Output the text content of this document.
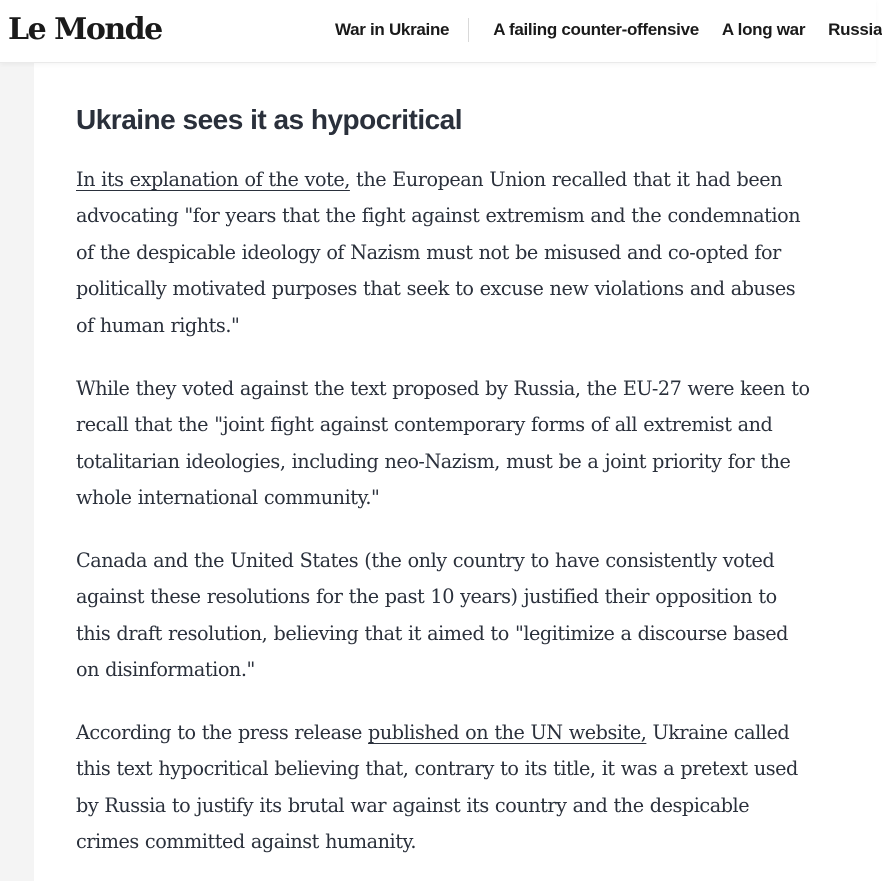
Le Monde	War in Ukraine	A failing counter-offensive A long war Russia
Ukraine sees it as hypocritical

In its explanation of the vote, the European Union recalled that it had been advocating "for years that the fight against extremism and the condemnation of the despicable ideology of Nazism must not be misused and co-opted for politically motivated purposes that seek to excuse new violations and abuses of human rights."

While they voted against the text proposed by Russia, the EU-27 were keen to recall that the "joint fight against contemporary forms of all extremist and totalitarian ideologies, including neo-Nazism, must be a joint priority for the whole international community."

Canada and the United States (the only country to have consistently voted against these resolutions for the past 10 years) justified their opposition to this draft resolution, believing that it aimed to "legitimize a discourse based on disinformation."

According to the press release published on the UN website, Ukraine called this text hypocritical believing that, contrary to its title, it was a pretext used by Russia to justify its brutal war against its country and the despicable crimes committed against humanity.
